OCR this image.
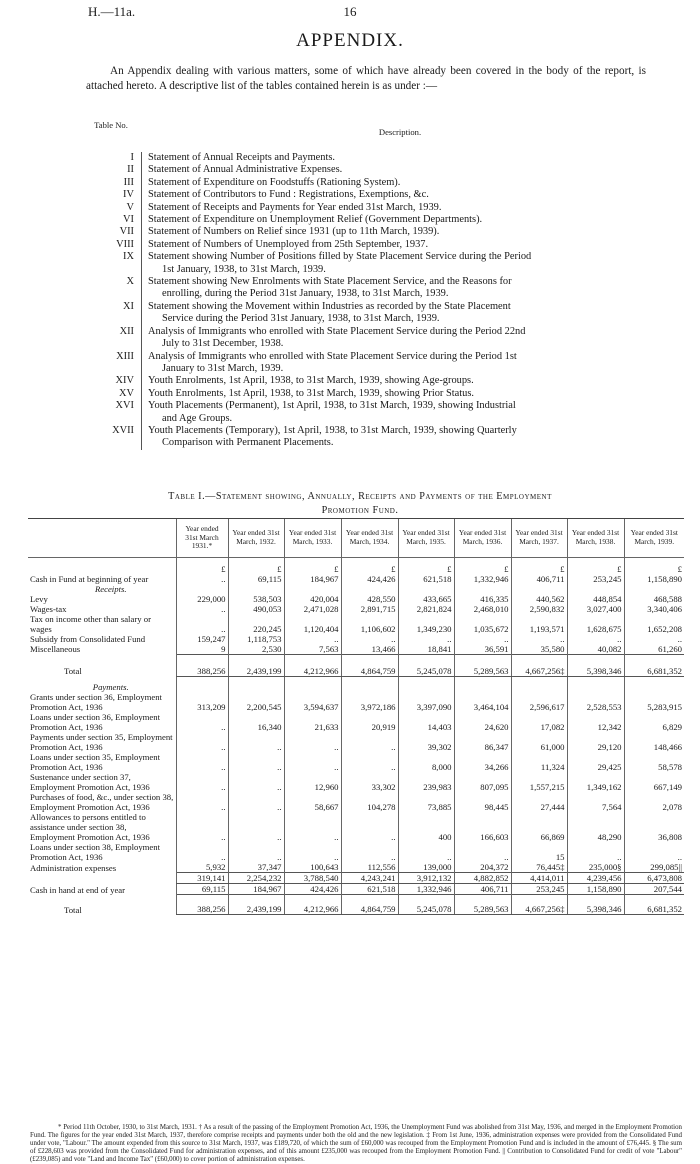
H.—11a.	16
APPENDIX.
An Appendix dealing with various matters, some of which have already been covered in the body of the report, is attached hereto. A descriptive list of the tables contained herein is as under :—
Table No.
Description.
I	Statement of Annual Receipts and Payments.
II	Statement of Annual Administrative Expenses.
III	Statement of Expenditure on Foodstuffs (Rationing System).
IV	Statement of Contributors to Fund : Registrations, Exemptions, &c.
V	Statement of Receipts and Payments for Year ended 31st March, 1939.
VI	Statement of Expenditure on Unemployment Relief (Government Departments).
VII	Statement of Numbers on Relief since 1931 (up to 11th March, 1939).
VIII	Statement of Numbers of Unemployed from 25th September, 1937.
IX	Statement showing Number of Positions filled by State Placement Service during the Period
1st January, 1938, to 31st March, 1939.
X	Statement showing New Enrolments with State Placement Service, and the Reasons for
enrolling, during the Period 31st January, 1938, to 31st March, 1939.
XI	Statement showing the Movement within Industries as recorded by the State Placement
Service during the Period 31st January, 1938, to 31st March, 1939.
XII	Analysis of Immigrants who enrolled with State Placement Service during the Period 22nd
July to 31st December, 1938.
XIII	Analysis of Immigrants who enrolled with State Placement Service during the Period 1st
January to 31st March, 1939.
XIV	Youth Enrolments, 1st April, 1938, to 31st March, 1939, showing Age-groups.
XV	Youth Enrolments, 1st April, 1938, to 31st March, 1939, showing Prior Status.
XVI	Youth Placements (Permanent), 1st April, 1938, to 31st March, 1939, showing Industrial
and Age Groups.
XVII	Youth Placements (Temporary), 1st April, 1938, to 31st March, 1939, showing Quarterly
Comparison with Permanent Placements.
Table I.—Statement showing, Annually, Receipts and Payments of the Employment
Promotion Fund.
	Year ended 31st March 1931.*	Year ended 31st March, 1932.	Year ended 31st March, 1933.	Year ended 31st March, 1934.	Year ended 31st March, 1935.	Year ended 31st March, 1936.	Year ended 31st March, 1937.	Year ended 31st March, 1938.	Year ended 31st March, 1939.
	£	£	£	£	£	£	£	£	£
Cash in Fund at beginning of year	..	69,115	184,967	424,426	621,518	1,332,946	406,711	253,245	1,158,890
Receipts.									
Levy	229,000	538,503	420,004	428,550	433,665	416,335	440,562	448,854	468,588
Wages-tax	..	490,053	2,471,028	2,891,715	2,821,824	2,468,010	2,590,832	3,027,400	3,340,406
Tax on income other than salary or wages	..	220,245	1,120,404	1,106,602	1,349,230	1,035,672	1,193,571	1,628,675	1,652,208
Subsidy from Consolidated Fund	159,247	1,118,753	..	..	..	..	..	..	..
Miscellaneous	9	2,530	7,563	13,466	18,841	36,591	35,580	40,082	61,260
Total	388,256	2,439,199	4,212,966	4,864,759	5,245,078	5,289,563	4,667,256‡	5,398,346	6,681,352
Payments.									
Grants under section 36, Employment Promotion Act, 1936	313,209	2,200,545	3,594,637	3,972,186	3,397,090	3,464,104	2,596,617	2,528,553	5,283,915
Loans under section 36, Employment Promotion Act, 1936	..	16,340	21,633	20,919	14,403	24,620	17,082	12,342	6,829
Payments under section 35, Employment Promotion Act, 1936	..	..	..	..	39,302	86,347	61,000	29,120	148,466
Loans under section 35, Employment Promotion Act, 1936	..	..	..	..	8,000	34,266	11,324	29,425	58,578
Sustenance under section 37, Employment Promotion Act, 1936	..	..	12,960	33,302	239,983	807,095	1,557,215	1,349,162	667,149
Purchases of food, &c., under section 38, Employment Promotion Act, 1936	..	..	58,667	104,278	73,885	98,445	27,444	7,564	2,078
Allowances to persons entitled to assistance under section 38, Employment Promotion Act, 1936	..	..	..	..	400	166,603	66,869	48,290	36,808
Loans under section 38, Employment Promotion Act, 1936	..	..	..	..	..	..	15	..	..
Administration expenses	5,932	37,347	100,643	112,556	139,000	204,372	76,445‡	235,000§	299,085||
	319,141	2,254,232	3,788,540	4,243,241	3,912,132	4,882,852	4,414,011	4,239,456	6,473,808
Cash in hand at end of year	69,115	184,967	424,426	621,518	1,332,946	406,711	253,245	1,158,890	207,544
Total	388,256	2,439,199	4,212,966	4,864,759	5,245,078	5,289,563	4,667,256‡	5,398,346	6,681,352
* Period 11th October, 1930, to 31st March, 1931. † As a result of the passing of the Employment Promotion Act, 1936, the Unemployment Fund was abolished from 31st May, 1936, and merged in the Employment Promotion Fund. The figures for the year ended 31st March, 1937, therefore comprise receipts and payments under both the old and the new legislation. ‡ From 1st June, 1936, administration expenses were provided from the Consolidated Fund under vote, "Labour." The amount expended from this source to 31st March, 1937, was £189,720, of which the sum of £60,000 was recouped from the Employment Promotion Fund and is included in the amount of £76,445. § The sum of £228,603 was provided from the Consolidated Fund for administration expenses, and of this amount £235,000 was recouped from the Employment Promotion Fund. || Contribution to Consolidated Fund for credit of vote "Labour" (£239,085) and vote "Land and Income Tax" (£60,000) to cover portion of administration expenses.
